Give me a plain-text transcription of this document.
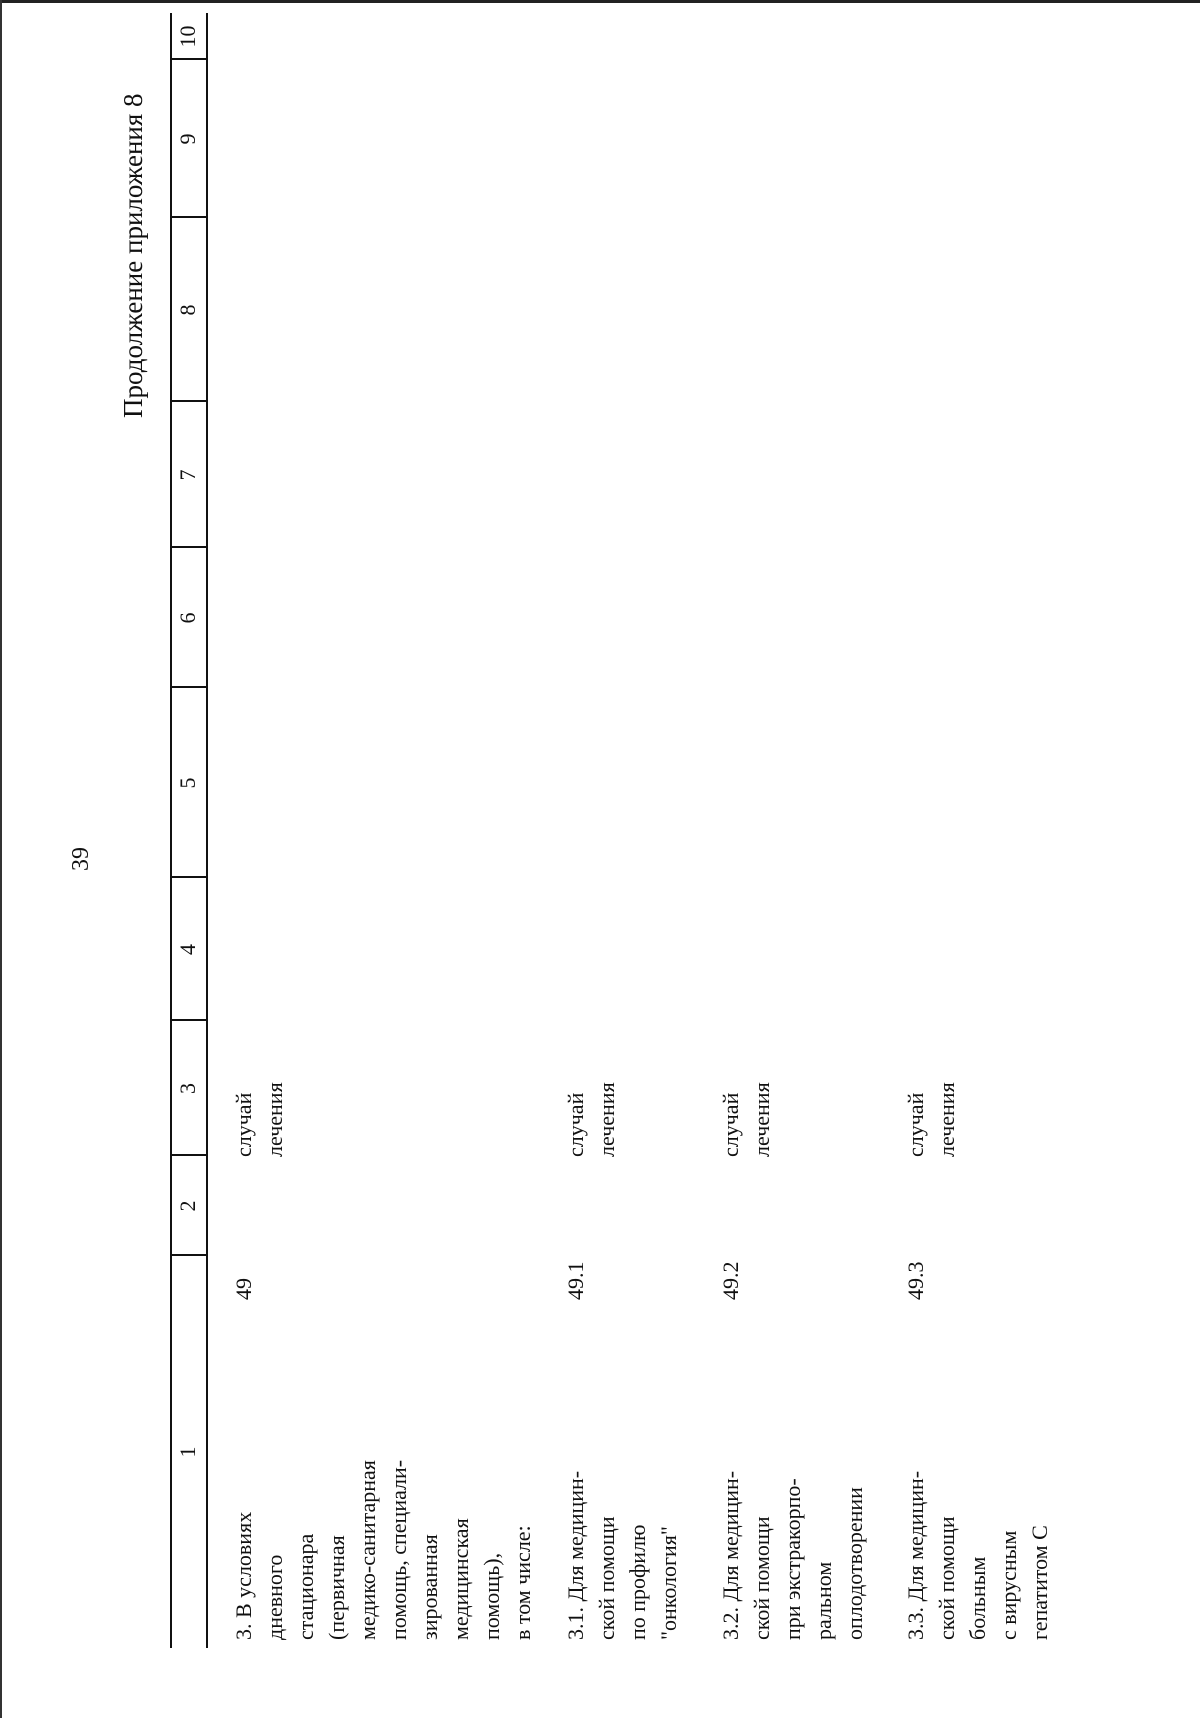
39
Продолжение приложения 8
1
2
3
4
5
6
7
8
9
10
3. В условиях дневного стационара (первичная медико-санитарная помощь, специали- зированная медицинская помощь), в том числе:
49
случай лечения
3.1. Для медицин- ской помощи по профилю "онкология"
49.1
случай лечения
3.2. Для медицин- ской помощи при экстракорпо- ральном оплодотворении
49.2
случай лечения
3.3. Для медицин- ской помощи больным с вирусным гепатитом С
49.3
случай лечения
